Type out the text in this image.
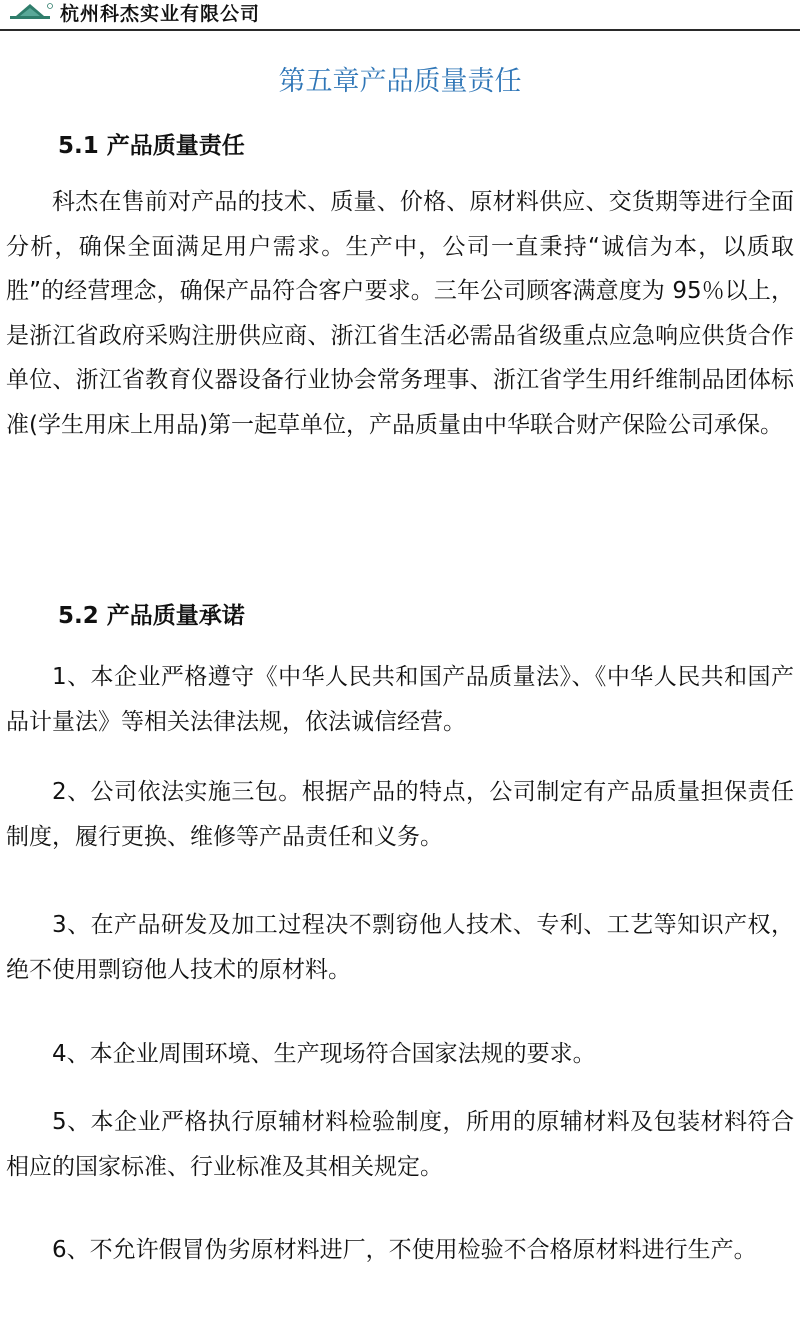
杭州科杰实业有限公司
第五章产品质量责任
5.1 产品质量责任

科杰在售前对产品的技术、质量、价格、原材料供应、交货期等进行全面分析，确保全面满足用户需求。生产中，公司一直秉持“诚信为本，以质取胜”的经营理念，确保产品符合客户要求。三年公司顾客满意度为 95％以上，是浙江省政府采购注册供应商、浙江省生活必需品省级重点应急响应供货合作单位、浙江省教育仪器设备行业协会常务理事、浙江省学生用纤维制品团体标准(学生用床上用品)第一起草单位，产品质量由中华联合财产保险公司承保。

5.2 产品质量承诺

1、本企业严格遵守《中华人民共和国产品质量法》、《中华人民共和国产品计量法》等相关法律法规，依法诚信经营。

2、公司依法实施三包。根据产品的特点，公司制定有产品质量担保责任制度，履行更换、维修等产品责任和义务。

3、在产品研发及加工过程决不剽窃他人技术、专利、工艺等知识产权，绝不使用剽窃他人技术的原材料。

4、本企业周围环境、生产现场符合国家法规的要求。

5、本企业严格执行原辅材料检验制度，所用的原辅材料及包装材料符合相应的国家标准、行业标准及其相关规定。

6、不允许假冒伪劣原材料进厂，不使用检验不合格原材料进行生产。
